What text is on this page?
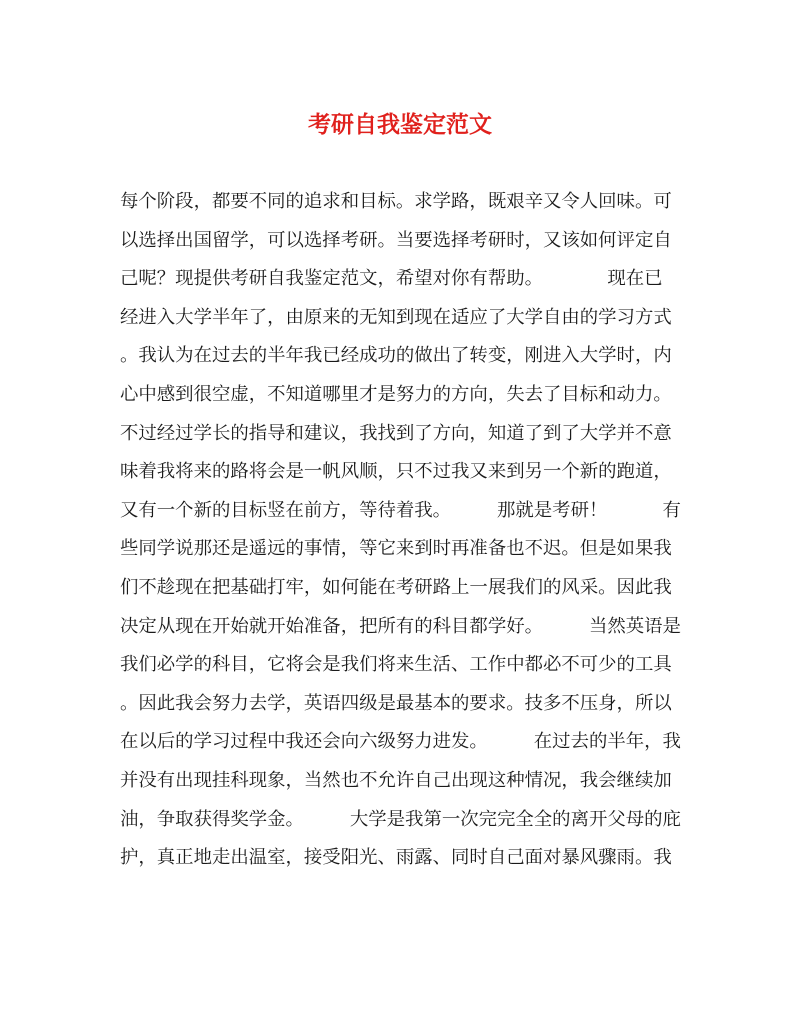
考研自我鉴定范文
每个阶段，都要不同的追求和目标。求学路，既艰辛又令人回味。可
以选择出国留学，可以选择考研。当要选择考研时，又该如何评定自
己呢？现提供考研自我鉴定范文，希望对你有帮助。　　　　现在已
经进入大学半年了，由原来的无知到现在适应了大学自由的学习方式
。我认为在过去的半年我已经成功的做出了转变，刚进入大学时，内
心中感到很空虚，不知道哪里才是努力的方向，失去了目标和动力。
不过经过学长的指导和建议，我找到了方向，知道了到了大学并不意
味着我将来的路将会是一帆风顺，只不过我又来到另一个新的跑道，
又有一个新的目标竖在前方，等待着我。　　　那就是考研！　　　有
些同学说那还是遥远的事情，等它来到时再准备也不迟。但是如果我
们不趁现在把基础打牢，如何能在考研路上一展我们的风采。因此我
决定从现在开始就开始准备，把所有的科目都学好。　　　当然英语是
我们必学的科目，它将会是我们将来生活、工作中都必不可少的工具
。因此我会努力去学，英语四级是最基本的要求。技多不压身，所以
在以后的学习过程中我还会向六级努力进发。　　　在过去的半年，我
并没有出现挂科现象，当然也不允许自己出现这种情况，我会继续加
油，争取获得奖学金。　　　大学是我第一次完完全全的离开父母的庇
护，真正地走出温室，接受阳光、雨露、同时自己面对暴风骤雨。我
